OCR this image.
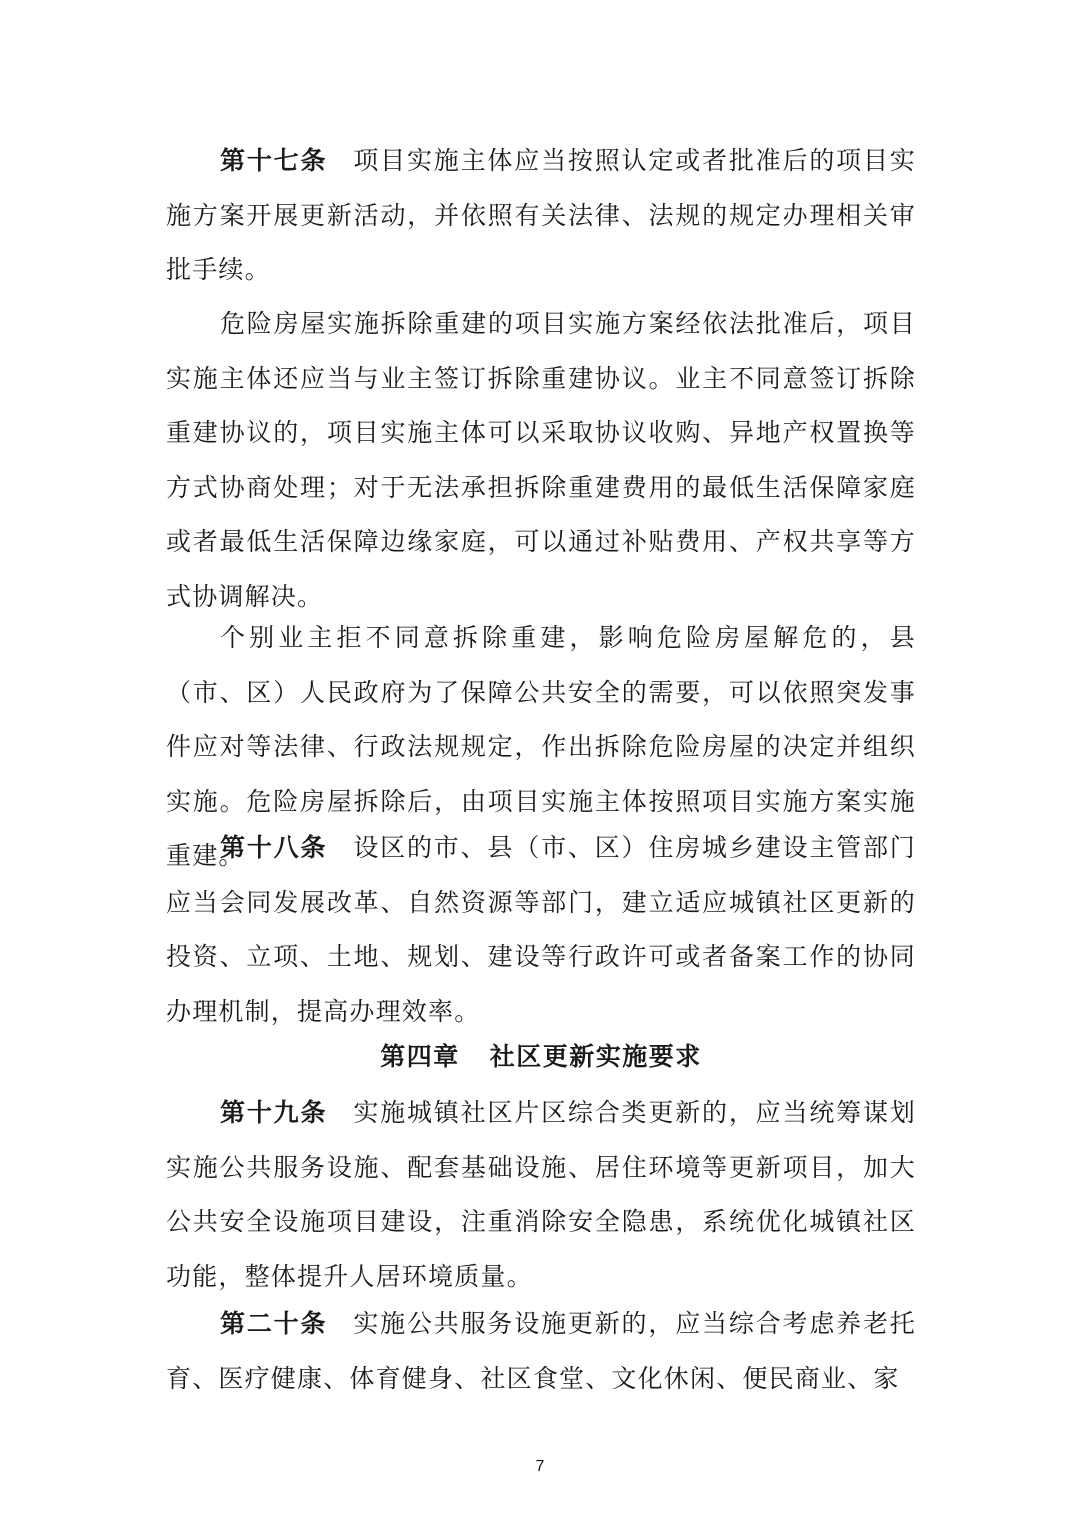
第十七条 项目实施主体应当按照认定或者批准后的项目实施方案开展更新活动，并依照有关法律、法规的规定办理相关审批手续。

危险房屋实施拆除重建的项目实施方案经依法批准后，项目实施主体还应当与业主签订拆除重建协议。业主不同意签订拆除重建协议的，项目实施主体可以采取协议收购、异地产权置换等方式协商处理；对于无法承担拆除重建费用的最低生活保障家庭或者最低生活保障边缘家庭，可以通过补贴费用、产权共享等方式协调解决。

个别业主拒不同意拆除重建，影响危险房屋解危的，县（市、区）人民政府为了保障公共安全的需要，可以依照突发事件应对等法律、行政法规规定，作出拆除危险房屋的决定并组织实施。危险房屋拆除后，由项目实施主体按照项目实施方案实施重建。

第十八条 设区的市、县（市、区）住房城乡建设主管部门应当会同发展改革、自然资源等部门，建立适应城镇社区更新的投资、立项、土地、规划、建设等行政许可或者备案工作的协同办理机制，提高办理效率。

第四章 社区更新实施要求

第十九条 实施城镇社区片区综合类更新的，应当统筹谋划实施公共服务设施、配套基础设施、居住环境等更新项目，加大公共安全设施项目建设，注重消除安全隐患，系统优化城镇社区功能，整体提升人居环境质量。

第二十条 实施公共服务设施更新的，应当综合考虑养老托育、医疗健康、体育健身、社区食堂、文化休闲、便民商业、家

7
